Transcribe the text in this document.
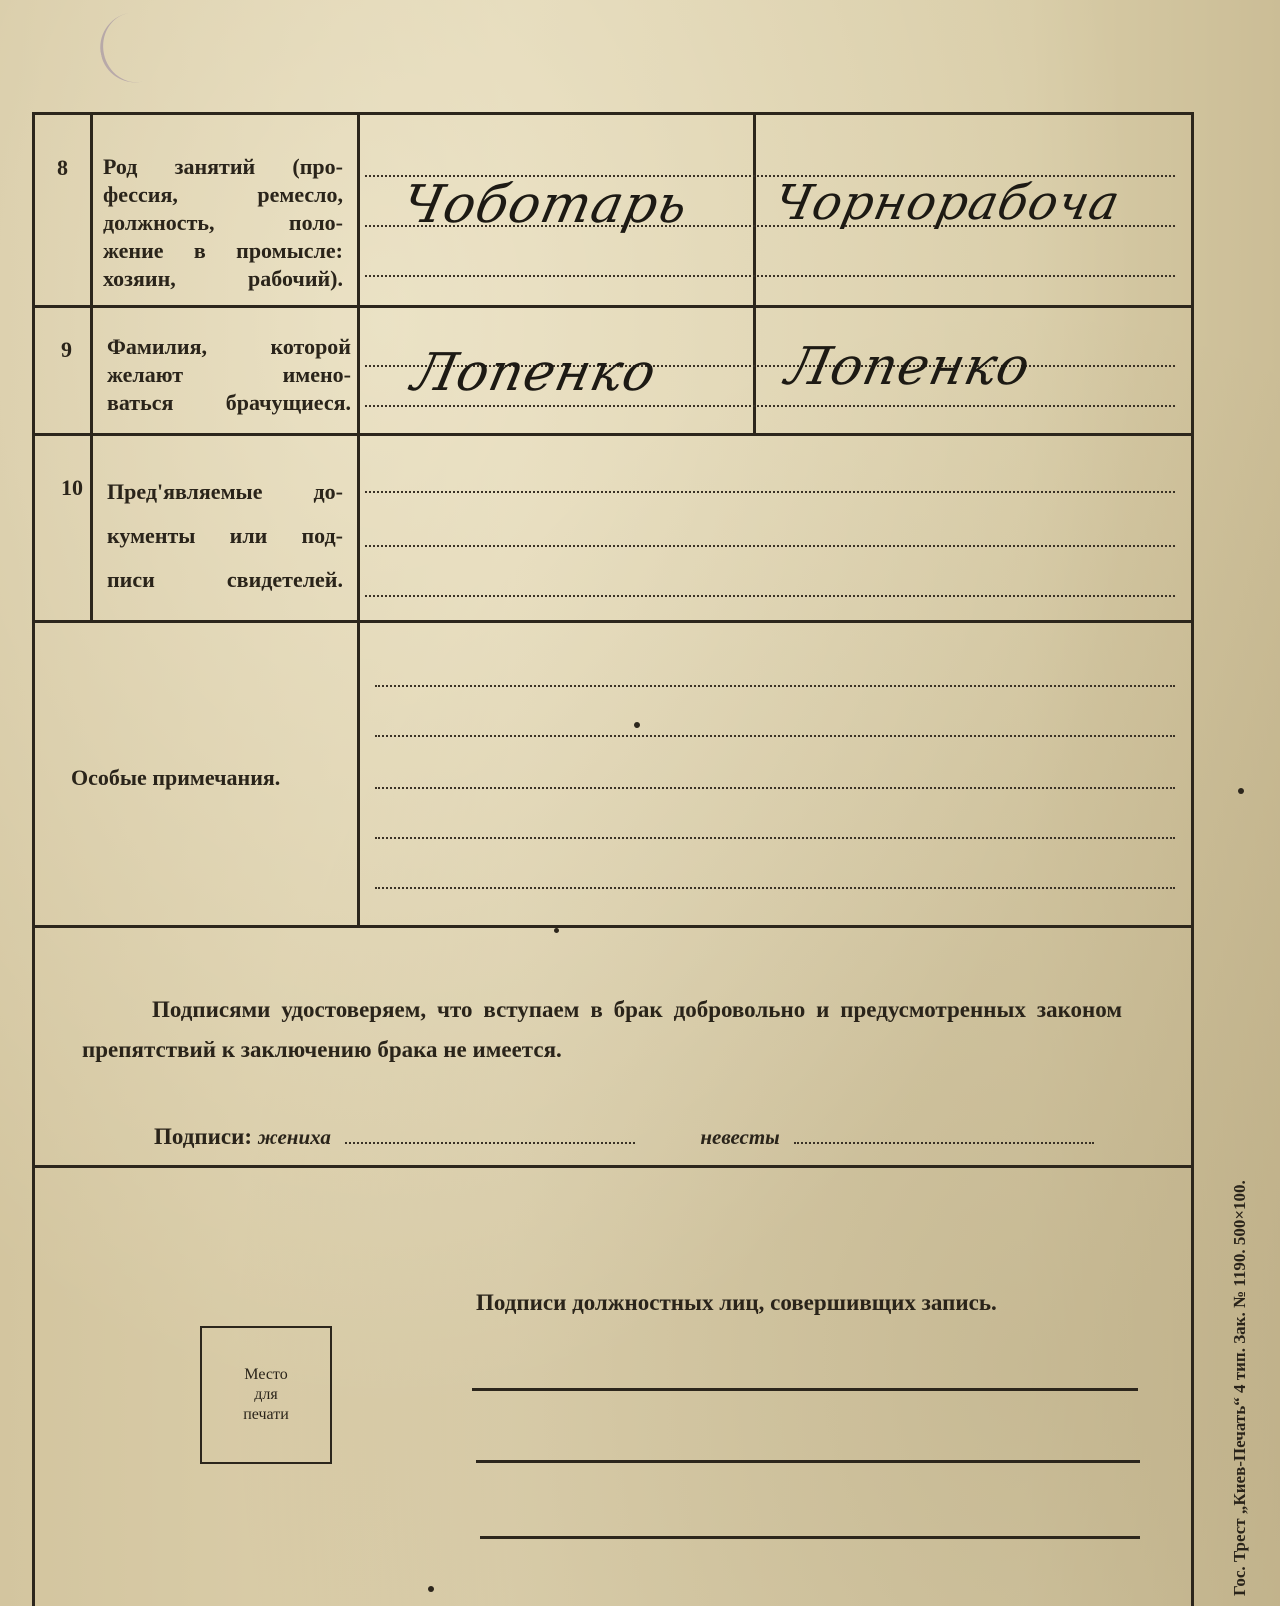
8 Род занятий (про-
фессия, ремесло,
должность, поло-
жение в промысле:
хозяин, рабочий).
Чоботарь Чорнорабоча
9 Фамилия, которой
желают имено-
ваться брачущиеся. Лопенко Лопенко
10 Пред'являемые до-
кументы или под-
писи свидетелей.
Особые примечания.
Подписями удостоверяем, что вступаем в брак добровольно и предусмотренных законом препятствий к заключению брака не имеется.
Подписи: жениха	невесты
Подписи должностных лиц, совершивщих запись.
Место
для
печати	Гос. Трест „Киев-Печать“ 4 тип. Зак. № 1190. 500×100.
